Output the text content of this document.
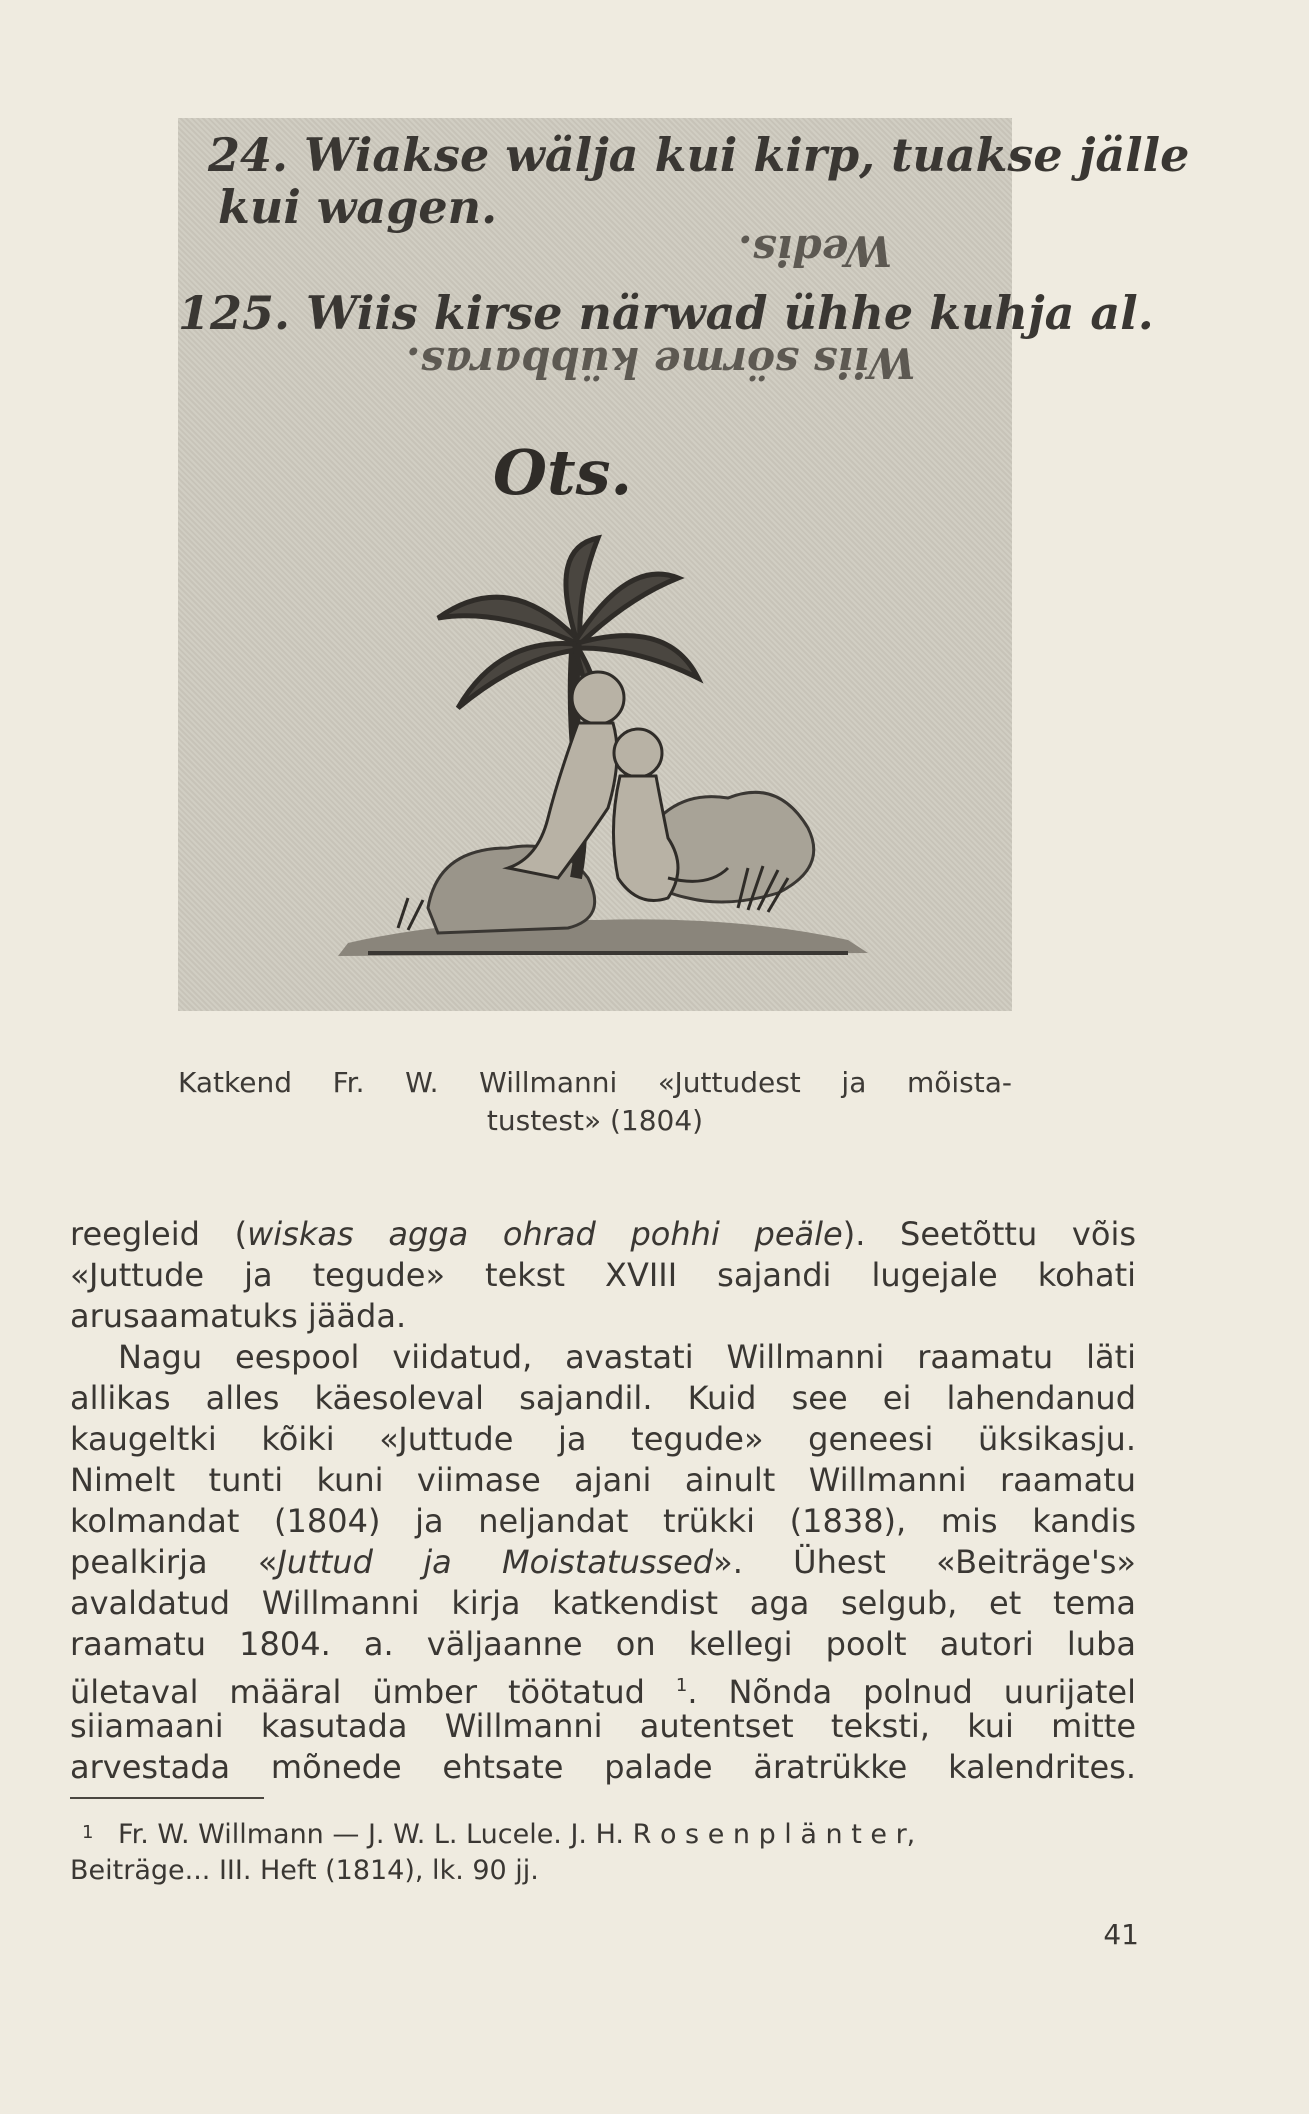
24. Wiakse wälja kui kirp, tuakse jälle
kui wagen.
Wedis.
125. Wiis kirse närwad ühhe kuhja al.
Wiis sörme kübbaras.
Ots.
Katkend Fr. W. Willmanni «Juttudest ja mõista-
tustest» (1804)
reegleid (wiskas agga ohrad pohhi peäle). Seetõttu võis
«Juttude ja tegude» tekst XVIII sajandi lugejale kohati
arusaamatuks jääda.
Nagu eespool viidatud, avastati Willmanni raamatu läti
allikas alles käesoleval sajandil. Kuid see ei lahendanud
kaugeltki kõiki «Juttude ja tegude» geneesi üksikasju.
Nimelt tunti kuni viimase ajani ainult Willmanni raamatu
kolmandat (1804) ja neljandat trükki (1838), mis kandis
pealkirja «Juttud ja Moistatussed». Ühest «Beiträge's»
avaldatud Willmanni kirja katkendist aga selgub, et tema
raamatu 1804. a. väljaanne on kellegi poolt autori luba
ületaval määral ümber töötatud $^1$. Nõnda polnud uurijatel
siiamaani kasutada Willmanni autentset teksti, kui mitte
arvestada mõnede ehtsate palade äratrükke kalendrites.
1 Fr. W. Willmann — J. W. L. Lucele. J. H. R o s e n p l ä n t e r,
Beiträge... III. Heft (1814), lk. 90 jj.
41
